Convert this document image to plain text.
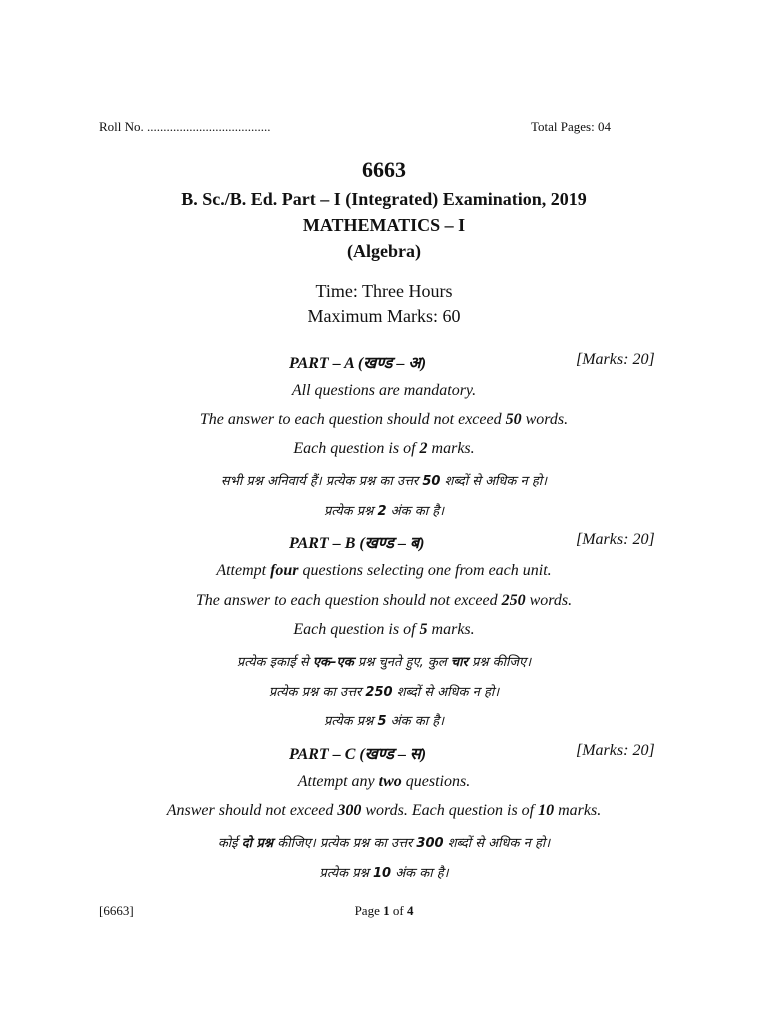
Roll No. ......................................	Total Pages: 04
6663
B. Sc./B. Ed. Part – I (Integrated) Examination, 2019
MATHEMATICS – I
(Algebra)
Time: Three Hours
Maximum Marks: 60
PART – A (खण्ड – अ)	[Marks: 20]
All questions are mandatory.
The answer to each question should not exceed 50 words.
Each question is of 2 marks.
सभी प्रश्न अनिवार्य हैं। प्रत्येक प्रश्न का उत्तर 50 शब्दों से अधिक न हो।
प्रत्येक प्रश्न 2 अंक का है।
PART – B (खण्ड – ब)	[Marks: 20]
Attempt four questions selecting one from each unit.
The answer to each question should not exceed 250 words.
Each question is of 5 marks.
प्रत्येक इकाई से एक–एक प्रश्न चुनते हुए, कुल चार प्रश्न कीजिए।
प्रत्येक प्रश्न का उत्तर 250 शब्दों से अधिक न हो।
प्रत्येक प्रश्न 5 अंक का है।
PART – C (खण्ड – स)	[Marks: 20]
Attempt any two questions.
Answer should not exceed 300 words. Each question is of 10 marks.
कोई दो प्रश्न कीजिए। प्रत्येक प्रश्न का उत्तर 300 शब्दों से अधिक न हो।
प्रत्येक प्रश्न 10 अंक का है।
[6663]	Page 1 of 4
